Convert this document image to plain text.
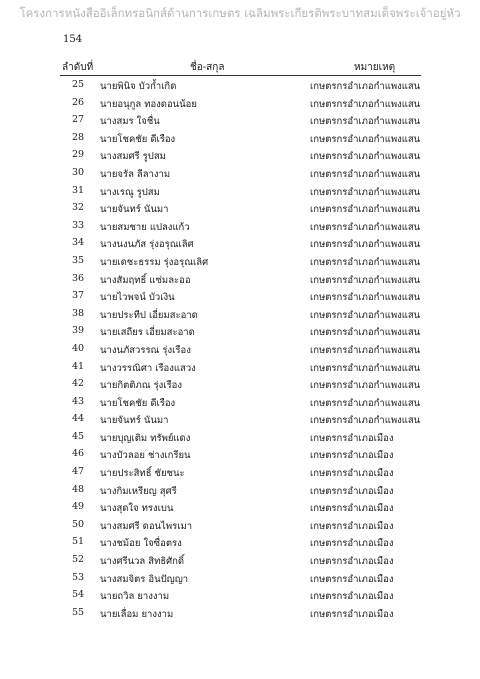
โครงการหนังสืออิเล็กทรอนิกส์ด้านการเกษตร เฉลิมพระเกียรติพระบาทสมเด็จพระเจ้าอยู่หัว
154
ลำดับที่	ชื่อ-สกุล	หมายเหตุ
25 นายพินิจ บัวก้ำเกิด	เกษตรกรอำเภอกำแพงแสน
26 นายอนุกูล ทองดอนน้อย	เกษตรกรอำเภอกำแพงแสน
27 นางสมร ใจชื่น	เกษตรกรอำเภอกำแพงแสน
28 นายโชคชัย ดีเรือง	เกษตรกรอำเภอกำแพงแสน
29 นางสมศรี รูปสม	เกษตรกรอำเภอกำแพงแสน
30 นายจรัล ลีลางาม	เกษตรกรอำเภอกำแพงแสน
31 นางเรณู รูปสม	เกษตรกรอำเภอกำแพงแสน
32 นายจันทร์ นันมา	เกษตรกรอำเภอกำแพงแสน
33 นายสมชาย แปลงแก้ว	เกษตรกรอำเภอกำแพงแสน
34 นางนงนภัส รุ่งอรุณเลิศ	เกษตรกรอำเภอกำแพงแสน
35 นายเดชะธรรม รุ่งอรุณเลิศ	เกษตรกรอำเภอกำแพงแสน
36 นางสัมฤทธิ์ แซ่มละออ	เกษตรกรอำเภอกำแพงแสน
37 นายไวพจน์ บัวเงิน	เกษตรกรอำเภอกำแพงแสน
38 นายประทีป เอี่ยมสะอาด	เกษตรกรอำเภอกำแพงแสน
39 นายเสถียร เอี่ยมสะอาด	เกษตรกรอำเภอกำแพงแสน
40 นางนภัสวรรณ รุ่งเรือง	เกษตรกรอำเภอกำแพงแสน
41 นางวรรณิศา เรืองแสวง	เกษตรกรอำเภอกำแพงแสน
42 นายกิตติภณ รุ่งเรือง	เกษตรกรอำเภอกำแพงแสน
43 นายโชคชัย ดีเรือง	เกษตรกรอำเภอกำแพงแสน
44 นายจันทร์ นันมา	เกษตรกรอำเภอกำแพงแสน
45 นายบุญเติม ทรัพย์แดง	เกษตรกรอำเภอเมือง
46 นางบัวลอย ช่างเกรียน	เกษตรกรอำเภอเมือง
47 นายประสิทธิ์ ชัยชนะ	เกษตรกรอำเภอเมือง
48 นางกิมเหรียญ สุศรี	เกษตรกรอำเภอเมือง
49 นางสุดใจ ทรงเบน	เกษตรกรอำเภอเมือง
50 นางสมศรี ดอนไพรเมา	เกษตรกรอำเภอเมือง
51 นางชม้อย ใจซื่อตรง	เกษตรกรอำเภอเมือง
52 นางศรีนวล สิทธิศักดิ์	เกษตรกรอำเภอเมือง
53 นางสมจิตร อินปัญญา	เกษตรกรอำเภอเมือง
54 นายถวิล ยางงาม	เกษตรกรอำเภอเมือง
55 นายเลื่อม ยางงาม	เกษตรกรอำเภอเมือง
